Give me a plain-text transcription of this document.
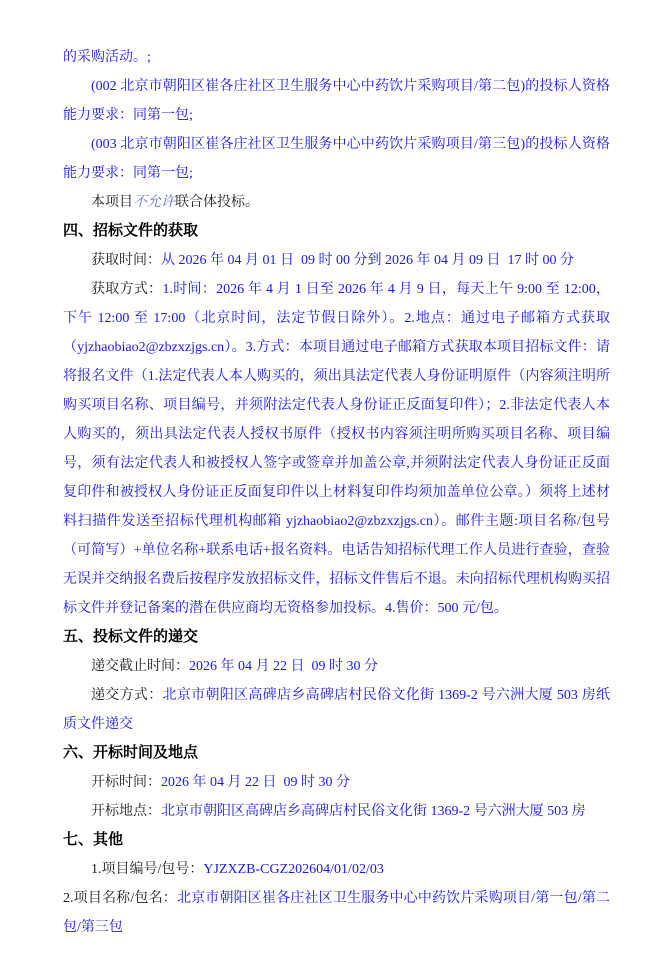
的采购活动。;

(002 北京市朝阳区崔各庄社区卫生服务中心中药饮片采购项目/第二包)的投标人资格能力要求：同第一包;

(003 北京市朝阳区崔各庄社区卫生服务中心中药饮片采购项目/第三包)的投标人资格能力要求：同第一包;

本项目不允许联合体投标。

四、招标文件的获取

获取时间：从 2026 年 04 月 01 日  09 时 00 分到 2026 年 04 月 09 日  17 时 00 分

获取方式：1.时间：2026 年 4 月 1 日至 2026 年 4 月 9 日，每天上午 9:00 至 12:00，下午 12:00 至 17:00（北京时间，法定节假日除外）。2.地点：通过电子邮箱方式获取（yjzhaobiao2@zbzxzjgs.cn）。3.方式：本项目通过电子邮箱方式获取本项目招标文件：请将报名文件（1.法定代表人本人购买的，须出具法定代表人身份证明原件（内容须注明所购买项目名称、项目编号，并须附法定代表人身份证正反面复印件）；2.非法定代表人本人购买的，须出具法定代表人授权书原件（授权书内容须注明所购买项目名称、项目编号，须有法定代表人和被授权人签字或签章并加盖公章,并须附法定代表人身份证正反面复印件和被授权人身份证正反面复印件以上材料复印件均须加盖单位公章。）须将上述材料扫描件发送至招标代理机构邮箱 yjzhaobiao2@zbzxzjgs.cn）。邮件主题:项目名称/包号（可简写）+单位名称+联系电话+报名资料。电话告知招标代理工作人员进行查验，查验无误并交纳报名费后按程序发放招标文件，招标文件售后不退。未向招标代理机构购买招标文件并登记备案的潜在供应商均无资格参加投标。4.售价：500 元/包。

五、投标文件的递交

递交截止时间：2026 年 04 月 22 日  09 时 30 分

递交方式：北京市朝阳区高碑店乡高碑店村民俗文化街 1369-2 号六洲大厦 503 房纸质文件递交

六、开标时间及地点

开标时间：2026 年 04 月 22 日  09 时 30 分

开标地点：北京市朝阳区高碑店乡高碑店村民俗文化街 1369-2 号六洲大厦 503 房

七、其他

1.项目编号/包号：YJZXZB-CGZ202604/01/02/03

2.项目名称/包名：北京市朝阳区崔各庄社区卫生服务中心中药饮片采购项目/第一包/第二包/第三包
